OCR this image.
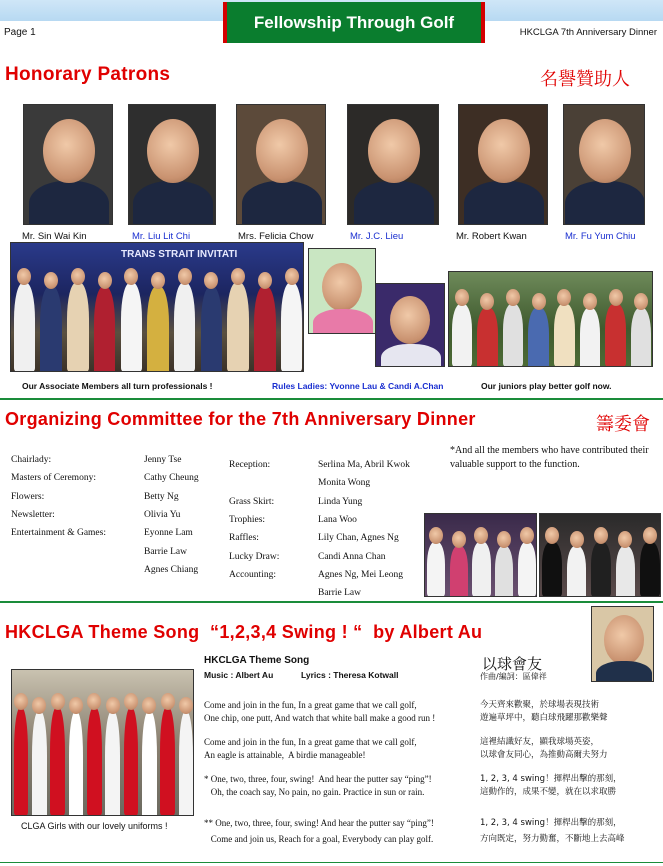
Page 1	HKCLGA 7th Anniversary Dinner
Fellowship Through Golf
Honorary Patrons	名譽贊助人
Mr. Sin Wai Kin	Mr. Liu Lit Chi	Mrs. Felicia Chow	Mr. J.C. Lieu	Mr. Robert Kwan	Mr. Fu Yum Chiu
TRANS STRAIT INVITATI
Our Associate Members all turn professionals !	Rules Ladies: Yvonne Lau & Candi A.Chan	Our juniors play better golf now.
Organizing Committee for the 7th Anniversary Dinner	籌委會
Chairlady:	Jenny Tse
Masters of Ceremony:	Cathy Cheung
Flowers:	Betty Ng
Newsletter:	Olivia Yu
Entertainment & Games:	Eyonne Lam
Barrie Law
Agnes Chiang
Reception:	Serlina Ma, Abril Kwok
Monita Wong
Grass Skirt:	Linda Yung
Trophies:	Lana Woo
Raffles:	Lily Chan, Agnes Ng
Lucky Draw:	Candi Anna Chan
Accounting:	Agnes Ng, Mei Leong
Barrie Law
*And all the members who have contributed their valuable support to the function.
HKCLGA Theme Song  “1,2,3,4 Swing ! “  by Albert Au
CLGA Girls with our lovely uniforms !
HKCLGA Theme Song
Music : Albert Au	Lyrics : Theresa Kotwall
Come and join in the fun, In a great game that we call golf,
One chip, one putt, And watch that white ball make a good run !
Come and join in the fun, In a great game that we call golf,
An eagle is attainable,  A birdie manageable!
* One, two, three, four, swing!  And hear the putter say “ping”!
Oh, the coach say, No pain, no gain. Practice in sun or rain.
** One, two, three, four, swing! And hear the putter say “ping”!
Come and join us, Reach for a goal, Everybody can play golf.
以球會友
作曲/編詞：區偉祥
今天齊來歡聚，於球場表現技術
遊遍草坪中，聽白球飛躍那歡樂聲
這裡結識好友，顯我球場英姿，
以球會友同心，為推動高爾夫努力
1, 2, 3, 4 swing！揮桿出擊的那刻，
這動作的，成果不變，就在以求取勝
1, 2, 3, 4 swing！揮桿出擊的那刻，
方向既定，努力勤奮，不斷地上去高峰
